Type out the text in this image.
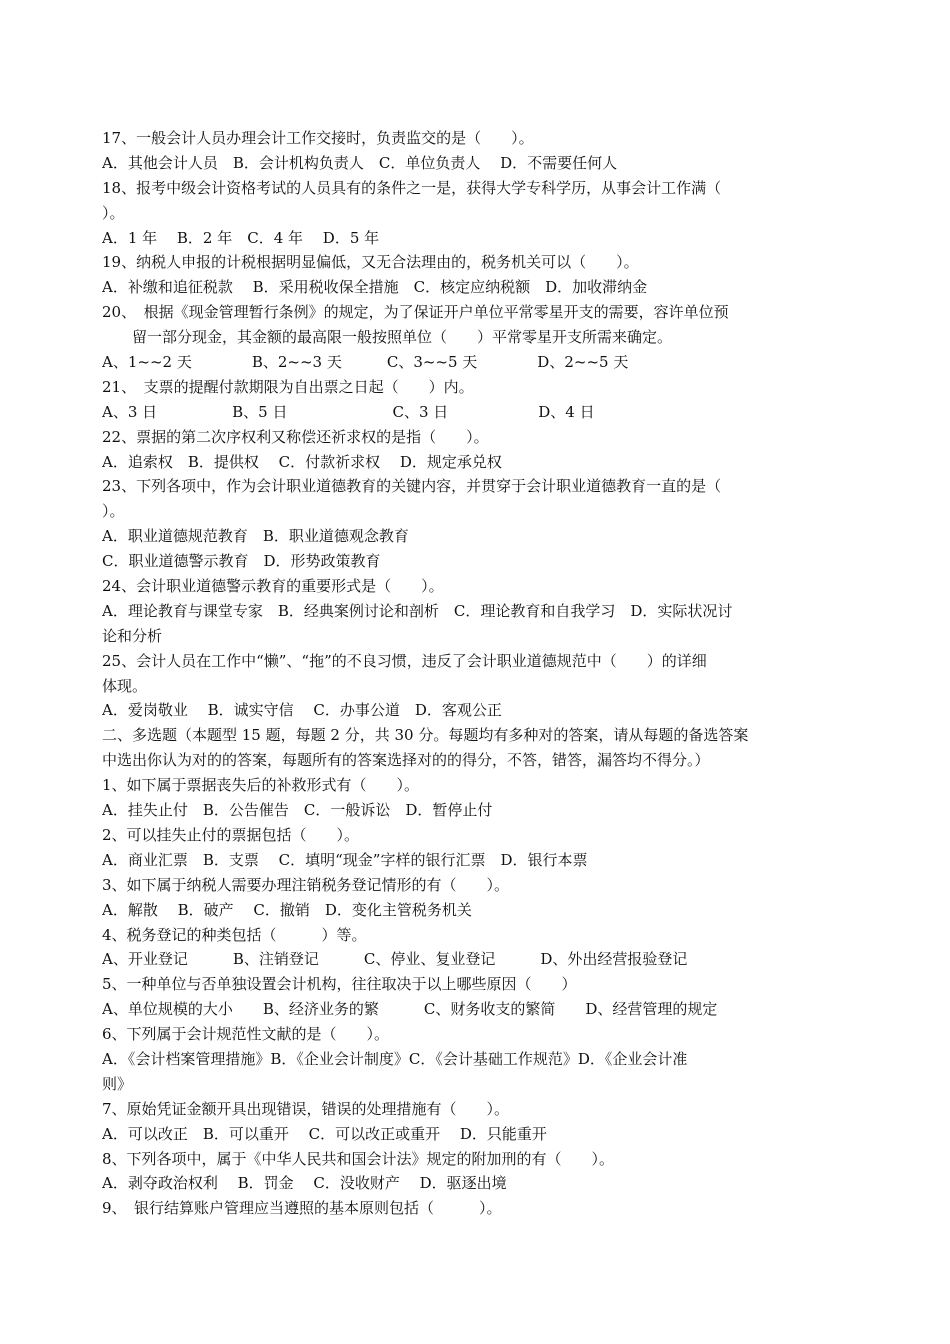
17、一般会计人员办理会计工作交接时，负责监交的是（　　）。
A．其他会计人员　B．会计机构负责人　C．单位负责人　 D．不需要任何人
18、报考中级会计资格考试的人员具有的条件之一是，获得大学专科学历，从事会计工作满（
）。
A．1 年　 B．2 年　C．4 年　 D．5 年
19、纳税人申报的计税根据明显偏低，又无合法理由的，税务机关可以（　　）。
A．补缴和追征税款　 B．采用税收保全措施　C．核定应纳税额　D．加收滞纳金
20、　根据《现金管理暂行条例》的规定，为了保证开户单位平常零星开支的需要，容许单位预
　　留一部分现金，其金额的最高限一般按照单位（　　）平常零星开支所需来确定。
A、1~~2 天　　　　B、2~~3 天　　　C、3~~5 天　　　　D、2~~5 天
21、　支票的提醒付款期限为自出票之日起（　　）内。
A、3 日　　　　　B、5 日　　　　　　　C、3 日　　　　　　D、4 日
22、票据的第二次序权利又称偿还祈求权的是指（　　）。
A．追索权　B．提供权　 C．付款祈求权　 D．规定承兑权
23、下列各项中，作为会计职业道德教育的关键内容，并贯穿于会计职业道德教育一直的是（
）。
A．职业道德规范教育　B．职业道德观念教育
C．职业道德警示教育　D．形势政策教育
24、会计职业道德警示教育的重要形式是（　　）。
A．理论教育与课堂专家　B．经典案例讨论和剖析　C．理论教育和自我学习　D．实际状况讨
论和分析
25、会计人员在工作中“懒”、“拖”的不良习惯，违反了会计职业道德规范中（　　）的详细
体现。
A．爱岗敬业　 B．诚实守信　 C．办事公道　D．客观公正
二、多选题（本题型 15 题，每题 2 分，共 30 分。每题均有多种对的答案，请从每题的备选答案
中选出你认为对的的答案，每题所有的答案选择对的的得分，不答，错答，漏答均不得分。）
1、如下属于票据丧失后的补救形式有（　　）。
A．挂失止付　B．公告催告　C．一般诉讼　D．暂停止付
2、可以挂失止付的票据包括（　　）。
A．商业汇票　B．支票　 C．填明“现金”字样的银行汇票　D．银行本票
3、如下属于纳税人需要办理注销税务登记情形的有（　　）。
A．解散　 B．破产　 C．撤销　D．变化主管税务机关
4、税务登记的种类包括（　　　）等。
A、开业登记　　　B、注销登记　　　C、停业、复业登记　　　D、外出经营报验登记
5、一种单位与否单独设置会计机构，往往取决于以上哪些原因（　　）
A、单位规模的大小　　B、经济业务的繁　　　C、财务收支的繁简　　D、经营管理的规定
6、下列属于会计规范性文献的是（　　）。
A．《会计档案管理措施》B．《企业会计制度》C．《会计基础工作规范》D．《企业会计准
则》
7、原始凭证金额开具出现错误，错误的处理措施有（　　）。
A．可以改正　B．可以重开　 C．可以改正或重开　 D．只能重开
8、下列各项中，属于《中华人民共和国会计法》规定的附加刑的有（　　）。
A．剥夺政治权利　 B．罚金　 C．没收财产　 D．驱逐出境
9、　银行结算账户管理应当遵照的基本原则包括（　　　）。
